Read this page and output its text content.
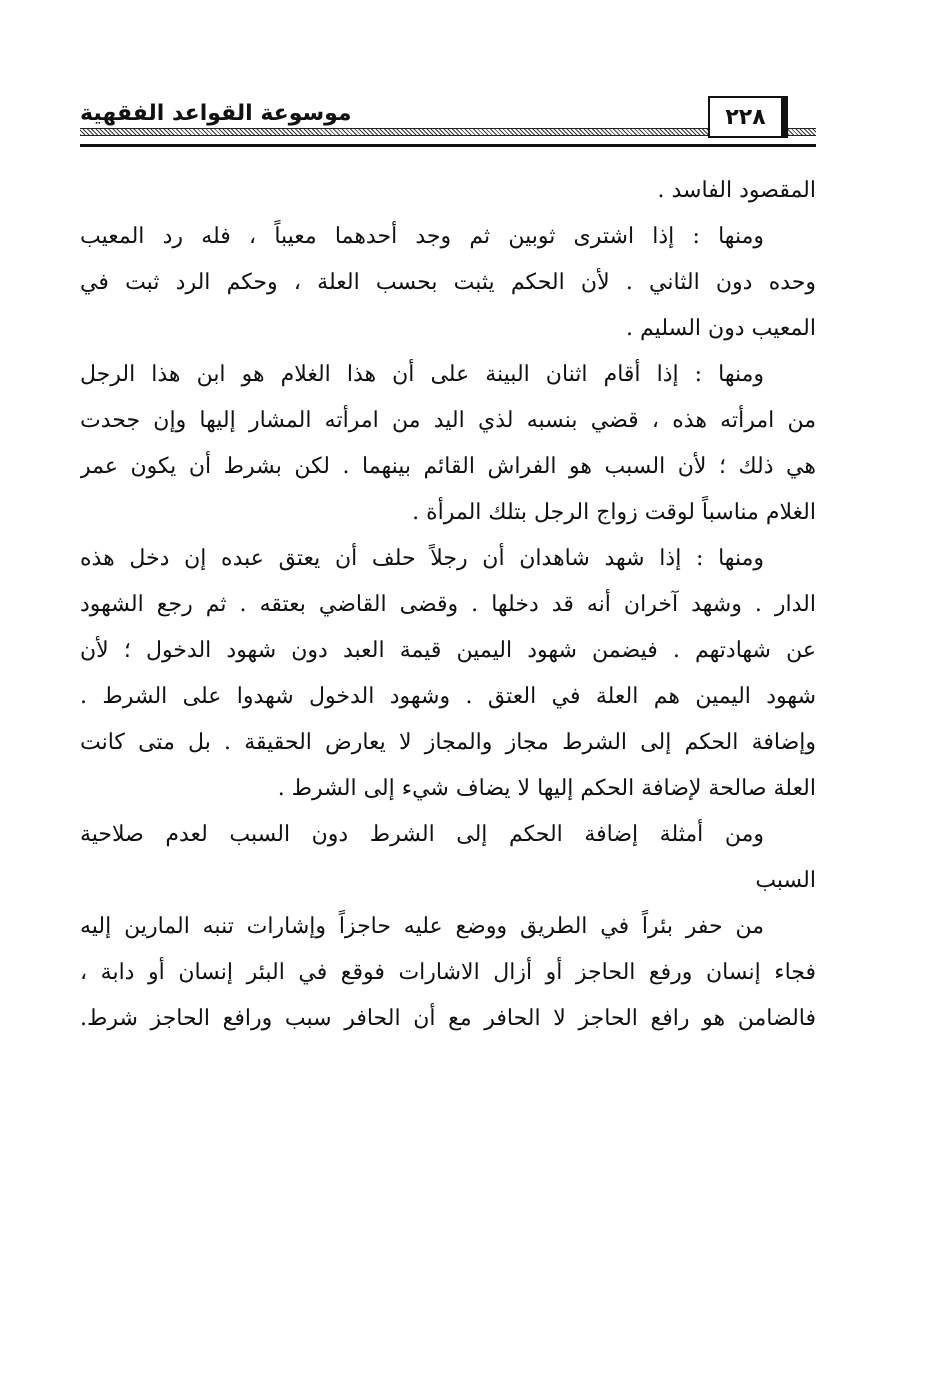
موسوعة القواعد الفقهية	٢٢٨
المقصود الفاسد .
ومنها : إذا اشترى ثوبين ثم وجد أحدهما معيباً ، فله رد المعيب
وحده دون الثاني . لأن الحكم يثبت بحسب العلة ، وحكم الرد ثبت في
المعيب دون السليم .
ومنها : إذا أقام اثنان البينة على أن هذا الغلام هو ابن هذا الرجل
من امرأته هذه ، قضي بنسبه لذي اليد من امرأته المشار إليها وإن جحدت
هي ذلك ؛ لأن السبب هو الفراش القائم بينهما . لكن بشرط أن يكون عمر
الغلام مناسباً لوقت زواج الرجل بتلك المرأة .
ومنها : إذا شهد شاهدان أن رجلاً حلف أن يعتق عبده إن دخل هذه
الدار . وشهد آخران أنه قد دخلها . وقضى القاضي بعتقه . ثم رجع الشهود
عن شهادتهم . فيضمن شهود اليمين قيمة العبد دون شهود الدخول ؛ لأن
شهود اليمين هم العلة في العتق . وشهود الدخول شهدوا على الشرط .
وإضافة الحكم إلى الشرط مجاز والمجاز لا يعارض الحقيقة . بل متى كانت
العلة صالحة لإضافة الحكم إليها لا يضاف شيء إلى الشرط .
ومن أمثلة إضافة الحكم إلى الشرط دون السبب لعدم صلاحية
السبب
من حفر بئراً في الطريق ووضع عليه حاجزاً وإشارات تنبه المارين إليه
فجاء إنسان ورفع الحاجز أو أزال الاشارات فوقع في البئر إنسان أو دابة ،
فالضامن هو رافع الحاجز لا الحافر مع أن الحافر سبب ورافع الحاجز شرط.
